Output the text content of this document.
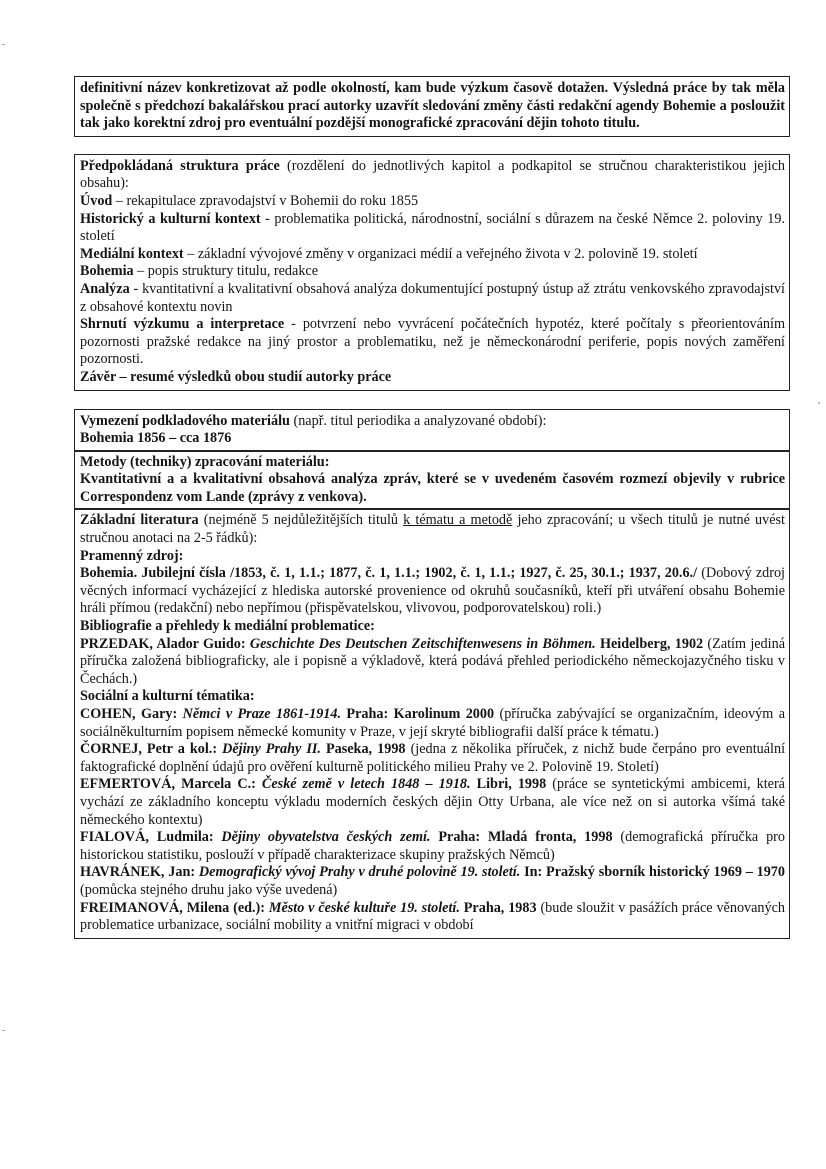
definitivní název konkretizovat až podle okolností, kam bude výzkum časově dotažen. Výsledná práce by tak měla společně s předchozí bakalářskou prací autorky uzavřít sledování změny části redakční agendy Bohemie a posloužit tak jako korektní zdroj pro eventuální pozdější monografické zpracování dějin tohoto titulu.
Předpokládaná struktura práce (rozdělení do jednotlivých kapitol a podkapitol se stručnou charakteristikou jejich obsahu):
Úvod – rekapitulace zpravodajství v Bohemii do roku 1855
Historický a kulturní kontext - problematika politická, národnostní, sociální s důrazem na české Němce 2. poloviny 19. století
Mediální kontext – základní vývojové změny v organizaci médií a veřejného života v 2. polovině 19. století
Bohemia – popis struktury titulu, redakce
Analýza - kvantitativní a kvalitativní obsahová analýza dokumentující postupný ústup až ztrátu venkovského zpravodajství z obsahové kontextu novin
Shrnutí výzkumu a interpretace - potvrzení nebo vyvrácení počátečních hypotéz, které počítaly s přeorientováním pozornosti pražské redakce na jiný prostor a problematiku, než je německonárodní periferie, popis nových zaměření pozornosti.
Závěr – resumé výsledků obou studií autorky práce
Vymezení podkladového materiálu (např. titul periodika a analyzované období):
Bohemia 1856 – cca 1876
Metody (techniky) zpracování materiálu:
Kvantitativní a a kvalitativní obsahová analýza zpráv, které se v uvedeném časovém rozmezí objevily v rubrice Correspondenz vom Lande (zprávy z venkova).
Základní literatura (nejméně 5 nejdůležitějších titulů k tématu a metodě jeho zpracování; u všech titulů je nutné uvést stručnou anotaci na 2-5 řádků):
Pramenný zdroj:
Bohemia. Jubilejní čísla /1853, č. 1, 1.1.; 1877, č. 1, 1.1.; 1902, č. 1, 1.1.; 1927, č. 25, 30.1.; 1937, 20.6./ (Dobový zdroj věcných informací vycházející z hlediska autorské provenience od okruhů současníků, kteří při utváření obsahu Bohemie hráli přímou (redakční) nebo nepřímou (přispěvatelskou, vlivovou, podporovatelskou) roli.)
Bibliografie a přehledy k mediální problematice:
PRZEDAK, Alador Guido: Geschichte Des Deutschen Zeitschiftenwesens in Böhmen. Heidelberg, 1902 (Zatím jediná příručka založená bibliograficky, ale i popisně a výkladově, která podává přehled periodického německojazyčného tisku v Čechách.)
Sociální a kulturní tématika:
COHEN, Gary: Němci v Praze 1861-1914. Praha: Karolinum 2000 (příručka zabývající se organizačním, ideovým a sociálněkulturním popisem německé komunity v Praze, v její skryté bibliografii další práce k tématu.)
ČORNEJ, Petr a kol.: Dějiny Prahy II. Paseka, 1998 (jedna z několika příruček, z nichž bude čerpáno pro eventuální faktografické doplnění údajů pro ověření kulturně politického milieu Prahy ve 2. Polovině 19. Století)
EFMERTOVÁ, Marcela C.: České země v letech 1848 – 1918. Libri, 1998 (práce se syntetickými ambicemi, která vychází ze základního konceptu výkladu moderních českých dějin Otty Urbana, ale více než on si autorka všímá také německého kontextu)
FIALOVÁ, Ludmila: Dějiny obyvatelstva českých zemí. Praha: Mladá fronta, 1998 (demografická příručka pro historickou statistiku, poslouží v případě charakterizace skupiny pražských Němců)
HAVRÁNEK, Jan: Demografický vývoj Prahy v druhé polovině 19. století. In: Pražský sborník historický 1969 – 1970 (pomůcka stejného druhu jako výše uvedená)
FREIMANOVÁ, Milena (ed.): Město v české kultuře 19. století. Praha, 1983 (bude sloužit v pasážích práce věnovaných problematice urbanizace, sociální mobility a vnitřní migraci v období
